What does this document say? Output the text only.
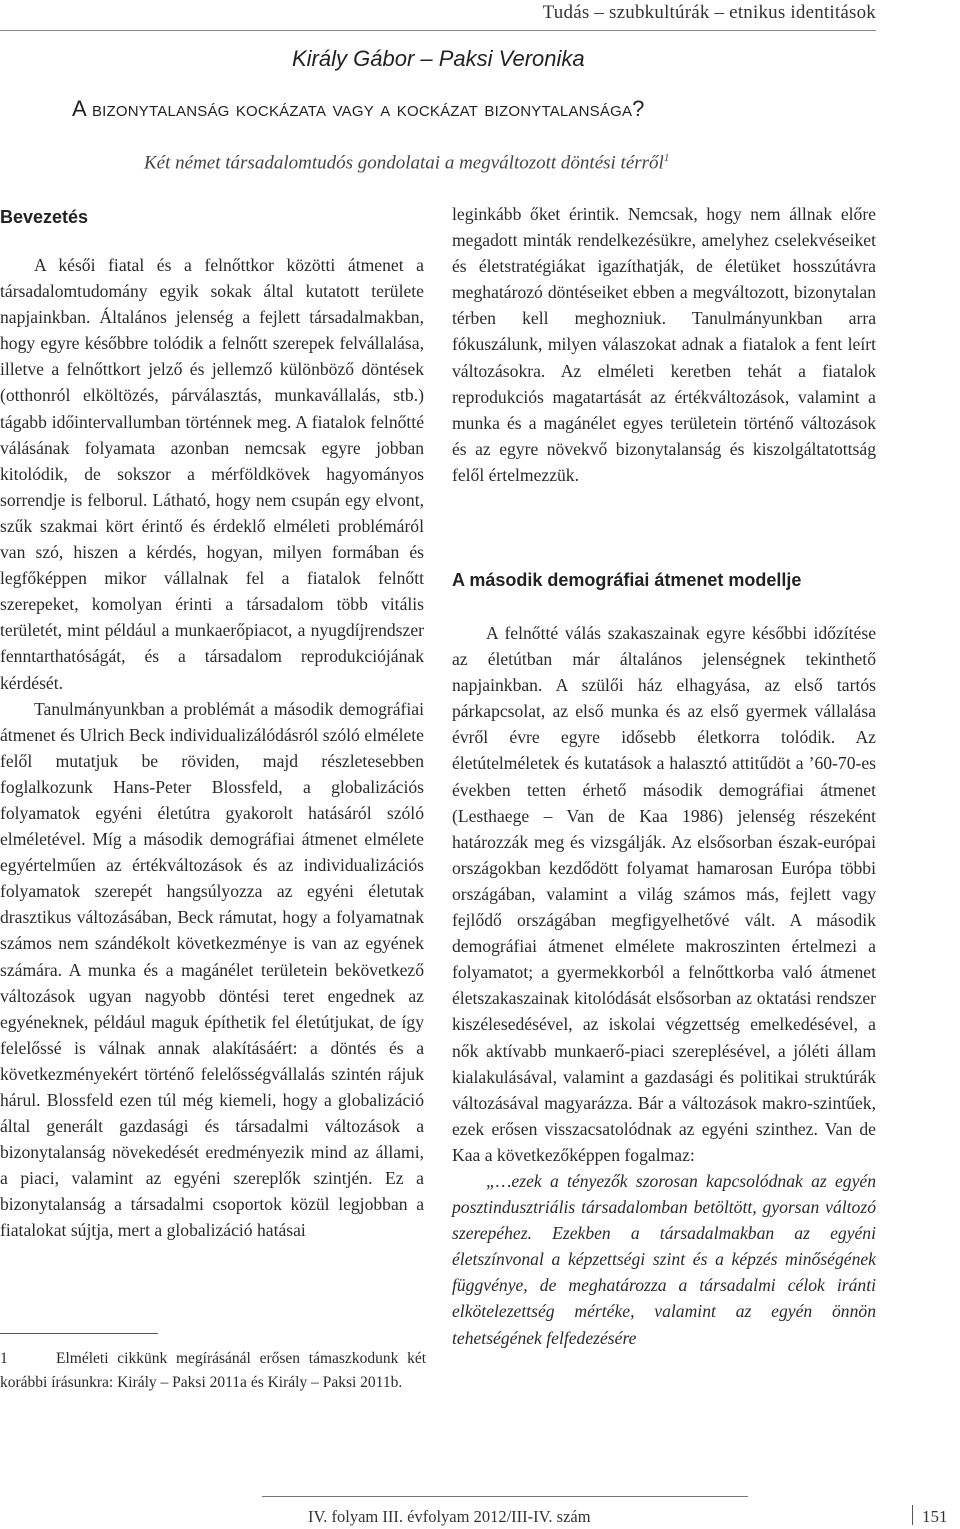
Tudás – szubkultúrák – etnikus identitások
Király Gábor – Paksi Veronika
A bizonytalanság kockázata vagy a kockázat bizonytalansága?
Két német társadalomtudós gondolatai a megváltozott döntési térről$^1$
Bevezetés

A késői fiatal és a felnőttkor közötti átmenet a társadalomtudomány egyik sokak által kutatott területe napjainkban. Általános jelenség a fejlett társadalmakban, hogy egyre későbbre tolódik a felnőtt szerepek felvállalása, illetve a felnőttkort jelző és jellemző különböző döntések (otthonról elköltözés, párválasztás, munkavállalás, stb.) tágabb időintervallumban történnek meg. A fiatalok felnőtté válásának folyamata azonban nemcsak egyre jobban kitolódik, de sokszor a mérföldkövek hagyományos sorrendje is felborul. Látható, hogy nem csupán egy elvont, szűk szakmai kört érintő és érdeklő elméleti problémáról van szó, hiszen a kérdés, hogyan, milyen formában és legfőképpen mikor vállalnak fel a fiatalok felnőtt szerepeket, komolyan érinti a társadalom több vitális területét, mint például a munkaerőpiacot, a nyugdíjrendszer fenntarthatóságát, és a társadalom reprodukciójának kérdését.

Tanulmányunkban a problémát a második demográfiai átmenet és Ulrich Beck individualizálódásról szóló elmélete felől mutatjuk be röviden, majd részletesebben foglalkozunk Hans-Peter Blossfeld, a globalizációs folyamatok egyéni életútra gyakorolt hatásáról szóló elméletével. Míg a második demográfiai átmenet elmélete egyértelműen az értékváltozások és az individualizációs folyamatok szerepét hangsúlyozza az egyéni életutak drasztikus változásában, Beck rámutat, hogy a folyamatnak számos nem szándékolt következménye is van az egyének számára. A munka és a magánélet területein bekövetkező változások ugyan nagyobb döntési teret engednek az egyéneknek, például maguk építhetik fel életútjukat, de így felelőssé is válnak annak alakításáért: a döntés és a következményekért történő felelősségvállalás szintén rájuk hárul. Blossfeld ezen túl még kiemeli, hogy a globalizáció által generált gazdasági és társadalmi változások a bizonytalanság növekedését eredményezik mind az állami, a piaci, valamint az egyéni szereplők szintjén. Ez a bizonytalanság a társadalmi csoportok közül legjobban a fiatalokat sújtja, mert a globalizáció hatásai

1	Elméleti cikkünk megírásánál erősen támaszkodunk két korábbi írásunkra: Király – Paksi 2011a és Király – Paksi 2011b.

leginkább őket érintik. Nemcsak, hogy nem állnak előre megadott minták rendelkezésükre, amelyhez cselekvéseiket és életstratégiákat igazíthatják, de életüket hosszútávra meghatározó döntéseiket ebben a megváltozott, bizonytalan térben kell meghozniuk. Tanulmányunkban arra fókuszálunk, milyen válaszokat adnak a fiatalok a fent leírt változásokra. Az elméleti keretben tehát a fiatalok reprodukciós magatartását az értékváltozások, valamint a munka és a magánélet egyes területein történő változások és az egyre növekvő bizonytalanság és kiszolgáltatottság felől értelmezzük.

A második demográfiai átmenet modellje

A felnőtté válás szakaszainak egyre későbbi időzítése az életútban már általános jelenségnek tekinthető napjainkban. A szülői ház elhagyása, az első tartós párkapcsolat, az első munka és az első gyermek vállalása évről évre egyre idősebb életkorra tolódik. Az életútelméletek és kutatások a halasztó attitűdöt a ’60-70-es években tetten érhető második demográfiai átmenet (Lesthaege – Van de Kaa 1986) jelenség részeként határozzák meg és vizsgálják. Az elsősorban észak-európai országokban kezdődött folyamat hamarosan Európa többi országában, valamint a világ számos más, fejlett vagy fejlődő országában megfigyelhetővé vált. A második demográfiai átmenet elmélete makroszinten értelmezi a folyamatot; a gyermekkorból a felnőttkorba való átmenet életszakaszainak kitolódását elsősorban az oktatási rendszer kiszélesedésével, az iskolai végzettség emelkedésével, a nők aktívabb munkaerő-piaci szereplésével, a jóléti állam kialakulásával, valamint a gazdasági és politikai struktúrák változásával magyarázza. Bár a változások makro-szintűek, ezek erősen visszacsatolódnak az egyéni szinthez. Van de Kaa a következőképpen fogalmaz:

„…ezek a tényezők szorosan kapcsolódnak az egyén posztindusztriális társadalomban betöltött, gyorsan változó szerepéhez. Ezekben a társadalmakban az egyéni életszínvonal a képzettségi szint és a képzés minőségének függvénye, de meghatározza a társadalmi célok iránti elkötelezettség mértéke, valamint az egyén önnön tehetségének felfedezésére

IV. folyam III. évfolyam 2012/III-IV. szám	151
